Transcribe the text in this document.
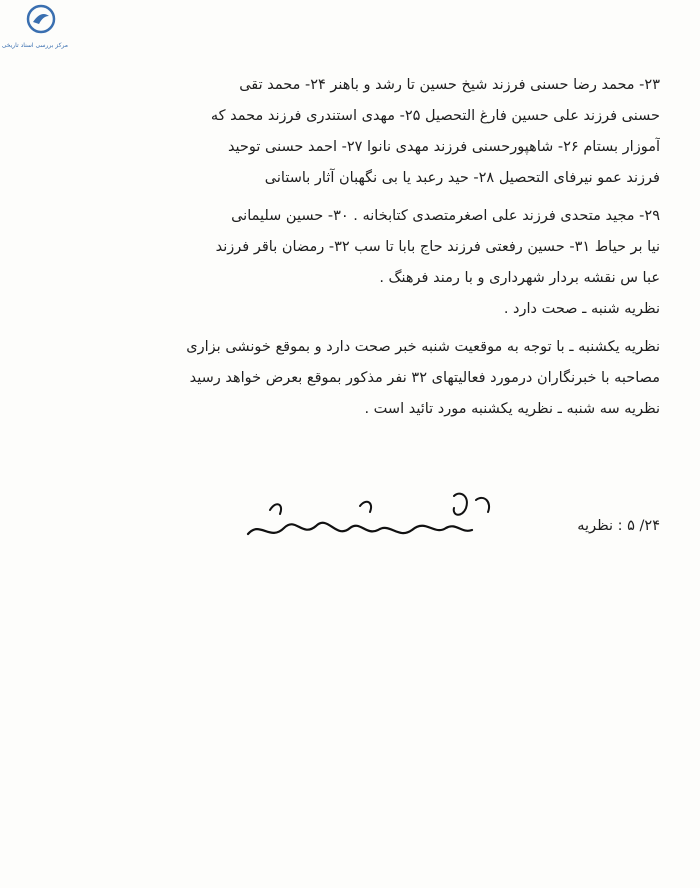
مرکز بررسی اسناد تاریخی
۲۳- محمد رضا حسنی فرزند شیخ حسین تا رشد و باهنر ۲۴- محمد تقی
حسنی فرزند علی حسین فارغ التحصیل ۲۵- مهدی استندری فرزند محمد که
آموزار بستام ۲۶- شاهپورحسنی فرزند مهدی نانوا ۲۷- احمد حسنی توحید
فرزند عمو نیرفای التحصیل ۲۸- حید رعبد یا بی نگهبان آثار باستانی
۲۹- مجید متحدی فرزند علی اصغرمتصدی کتابخانه . ۳۰- حسین سلیمانی
نیا بر حیاط ۳۱- حسین رفعتی فرزند حاج بابا تا سب ۳۲- رمضان باقر فرزند
عبا س نقشه بردار شهرداری و با رمند فرهنگ .
نظریه شنبه ـ صحت دارد .
نظریه یکشنبه ـ با توجه به موقعیت شنبه خبر صحت دارد و بموقع خونشی بزاری
مصاحبه با خبرنگاران درمورد فعالیتهای ۳۲ نفر مذکور بموقع بعرض خواهد رسید
نظریه سه شنبه ـ نظریه یکشنبه مورد تائید است .
۲۴/ ۵ : نظریه
کارشناس اداره کل سوم
